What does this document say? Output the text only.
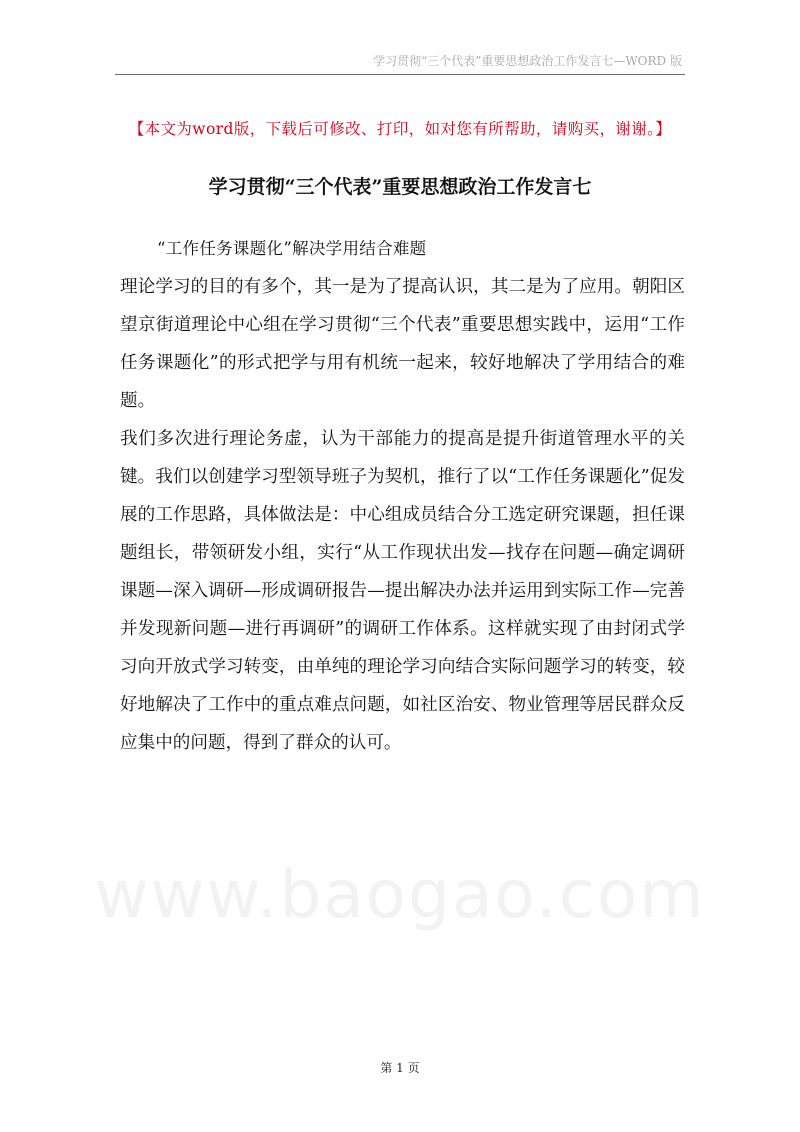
学习贯彻“三个代表”重要思想政治工作发言七—WORD 版
【本文为word版，下载后可修改、打印，如对您有所帮助，请购买，谢谢。】
学习贯彻“三个代表”重要思想政治工作发言七

“工作任务课题化”解决学用结合难题

理论学习的目的有多个，其一是为了提高认识，其二是为了应用。朝阳区望京街道理论中心组在学习贯彻“三个代表”重要思想实践中，运用“工作任务课题化”的形式把学与用有机统一起来，较好地解决了学用结合的难题。

我们多次进行理论务虚，认为干部能力的提高是提升街道管理水平的关键。我们以创建学习型领导班子为契机，推行了以“工作任务课题化”促发展的工作思路，具体做法是：中心组成员结合分工选定研究课题，担任课题组长，带领研发小组，实行“从工作现状出发—找存在问题—确定调研课题—深入调研—形成调研报告—提出解决办法并运用到实际工作—完善并发现新问题—进行再调研”的调研工作体系。这样就实现了由封闭式学习向开放式学习转变，由单纯的理论学习向结合实际问题学习的转变，较好地解决了工作中的重点难点问题，如社区治安、物业管理等居民群众反应集中的问题，得到了群众的认可。

www.baogao.com
第 1 页
